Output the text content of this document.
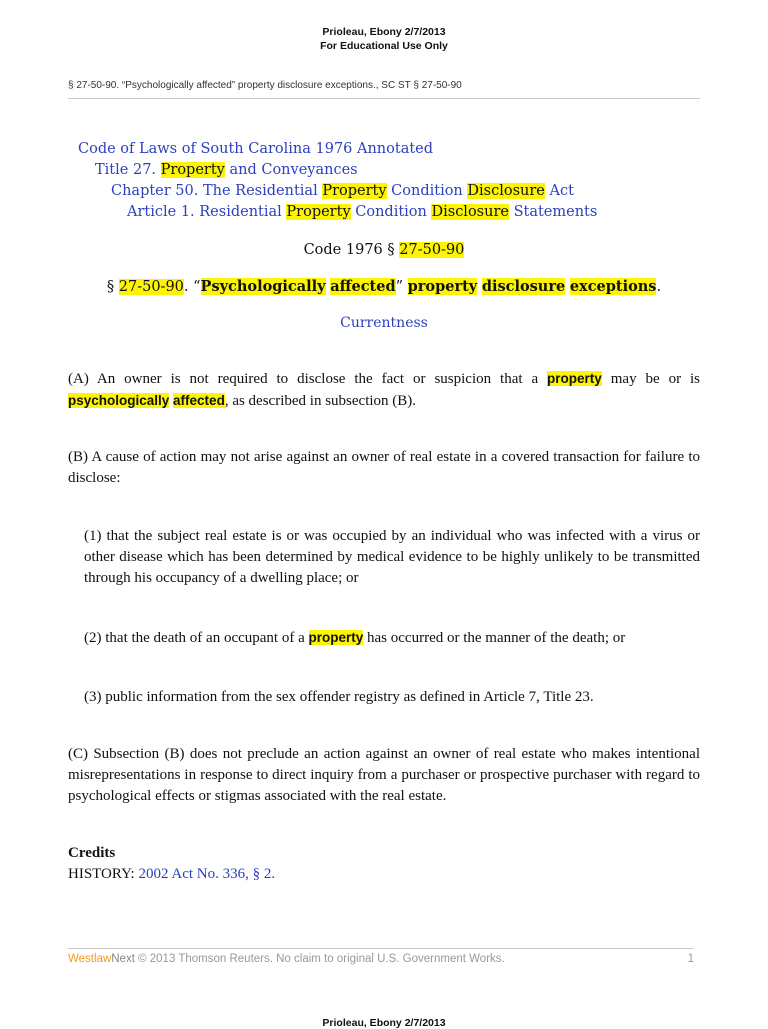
Prioleau, Ebony 2/7/2013
For Educational Use Only
§ 27-50-90. “Psychologically affected” property disclosure exceptions., SC ST § 27-50-90
Code of Laws of South Carolina 1976 Annotated
Title 27. Property and Conveyances
Chapter 50. The Residential Property Condition Disclosure Act
Article 1. Residential Property Condition Disclosure Statements
Code 1976 § 27-50-90
§ 27-50-90. “Psychologically affected” property disclosure exceptions.
Currentness
(A) An owner is not required to disclose the fact or suspicion that a property may be or is psychologically affected, as described in subsection (B).
(B) A cause of action may not arise against an owner of real estate in a covered transaction for failure to disclose:
(1) that the subject real estate is or was occupied by an individual who was infected with a virus or other disease which has been determined by medical evidence to be highly unlikely to be transmitted through his occupancy of a dwelling place; or
(2) that the death of an occupant of a property has occurred or the manner of the death; or
(3) public information from the sex offender registry as defined in Article 7, Title 23.
(C) Subsection (B) does not preclude an action against an owner of real estate who makes intentional misrepresentations in response to direct inquiry from a purchaser or prospective purchaser with regard to psychological effects or stigmas associated with the real estate.
Credits
HISTORY: 2002 Act No. 336, § 2.
WestlawNext © 2013 Thomson Reuters. No claim to original U.S. Government Works.	1
Prioleau, Ebony 2/7/2013
